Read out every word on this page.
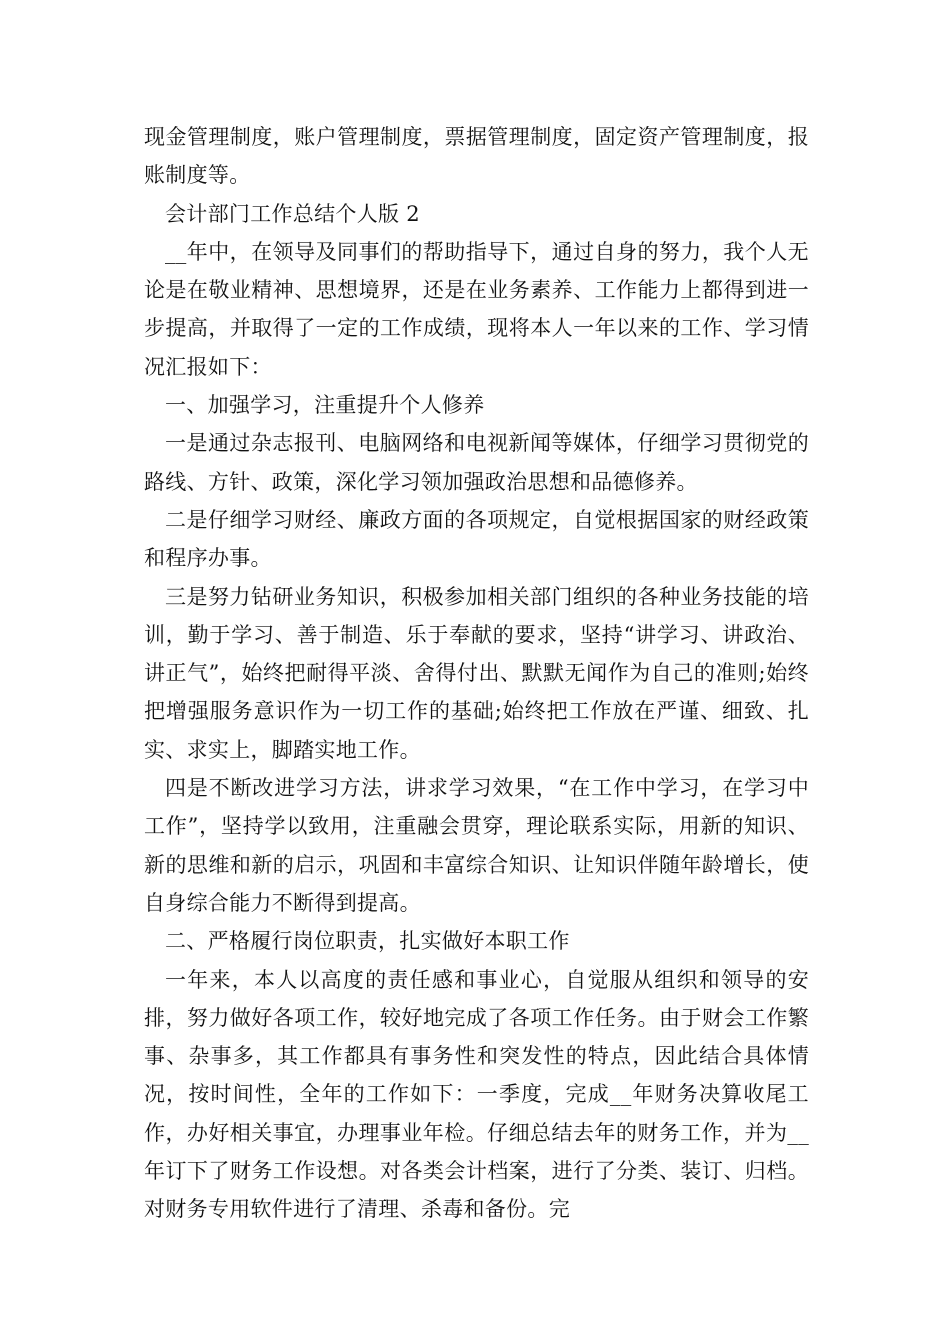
现金管理制度，账户管理制度，票据管理制度，固定资产管理制度，报账制度等。

会计部门工作总结个人版 2

__年中，在领导及同事们的帮助指导下，通过自身的努力，我个人无论是在敬业精神、思想境界，还是在业务素养、工作能力上都得到进一步提高，并取得了一定的工作成绩，现将本人一年以来的工作、学习情况汇报如下：

一、加强学习，注重提升个人修养

一是通过杂志报刊、电脑网络和电视新闻等媒体，仔细学习贯彻党的路线、方针、政策，深化学习领加强政治思想和品德修养。

二是仔细学习财经、廉政方面的各项规定，自觉根据国家的财经政策和程序办事。

三是努力钻研业务知识，积极参加相关部门组织的各种业务技能的培训，勤于学习、善于制造、乐于奉献的要求，坚持“讲学习、讲政治、讲正气”，始终把耐得平淡、舍得付出、默默无闻作为自己的准则;始终把增强服务意识作为一切工作的基础;始终把工作放在严谨、细致、扎实、求实上，脚踏实地工作。

四是不断改进学习方法，讲求学习效果，“在工作中学习，在学习中工作”，坚持学以致用，注重融会贯穿，理论联系实际，用新的知识、新的思维和新的启示，巩固和丰富综合知识、让知识伴随年龄增长，使自身综合能力不断得到提高。

二、严格履行岗位职责，扎实做好本职工作

一年来，本人以高度的责任感和事业心，自觉服从组织和领导的安排，努力做好各项工作，较好地完成了各项工作任务。由于财会工作繁事、杂事多，其工作都具有事务性和突发性的特点，因此结合具体情况，按时间性，全年的工作如下：一季度，完成__年财务决算收尾工作，办好相关事宜，办理事业年检。仔细总结去年的财务工作，并为__年订下了财务工作设想。对各类会计档案，进行了分类、装订、归档。对财务专用软件进行了清理、杀毒和备份。完
